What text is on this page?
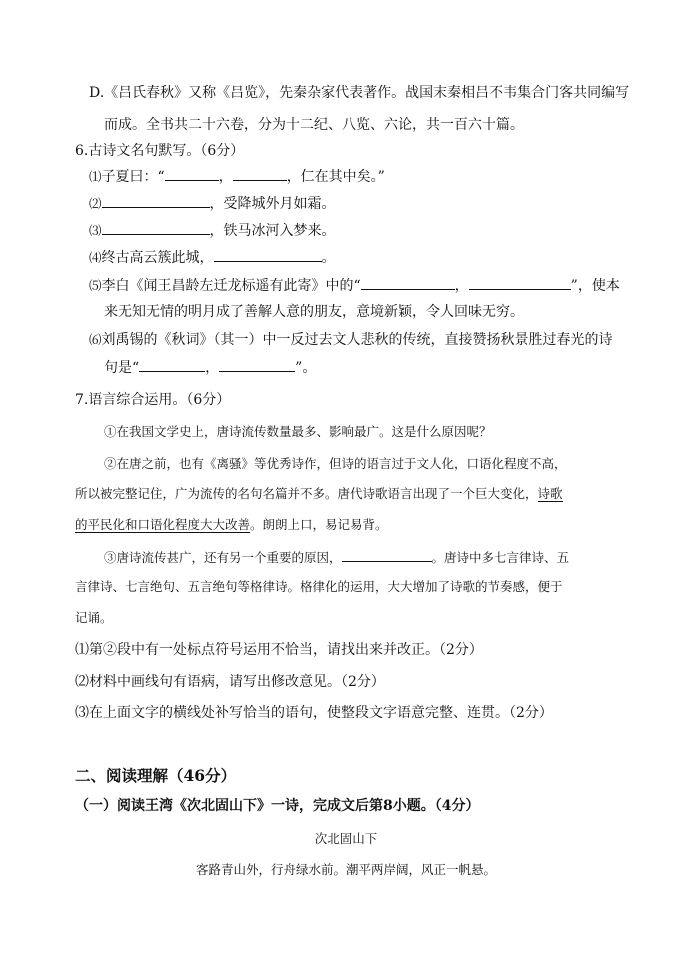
D.《吕氏春秋》又称《吕览》，先秦杂家代表著作。战国末秦相吕不韦集合门客共同编写
而成。全书共二十六卷，分为十二纪、八览、六论，共一百六十篇。
6.古诗文名句默写。（6分）
⑴子夏曰：“	，	，仁在其中矣。”
⑵	，受降城外月如霜。
⑶	，铁马冰河入梦来。
⑷终古高云簇此城，	。
⑸李白《闻王昌龄左迁龙标遥有此寄》中的“	，	”，使本
来无知无情的明月成了善解人意的朋友，意境新颖，令人回味无穷。
⑹刘禹锡的《秋词》（其一）中一反过去文人悲秋的传统，直接赞扬秋景胜过春光的诗
句是“	，	”。
7.语言综合运用。（6分）
①在我国文学史上，唐诗流传数量最多、影响最广。这是什么原因呢？
②在唐之前，也有《离骚》等优秀诗作，但诗的语言过于文人化，口语化程度不高，
所以被完整记住，广为流传的名句名篇并不多。唐代诗歌语言出现了一个巨大变化，诗歌
的平民化和口语化程度大大改善。朗朗上口，易记易背。
③唐诗流传甚广，还有另一个重要的原因，	。唐诗中多七言律诗、五
言律诗、七言绝句、五言绝句等格律诗。格律化的运用，大大增加了诗歌的节奏感，便于
记诵。
⑴第②段中有一处标点符号运用不恰当，请找出来并改正。（2分）
⑵材料中画线句有语病，请写出修改意见。（2分）
⑶在上面文字的横线处补写恰当的语句，使整段文字语意完整、连贯。（2分）
二、阅读理解（46分）
（一）阅读王湾《次北固山下》一诗，完成文后第8小题。（4分）
次北固山下
客路青山外，行舟绿水前。潮平两岸阔，风正一帆悬。
